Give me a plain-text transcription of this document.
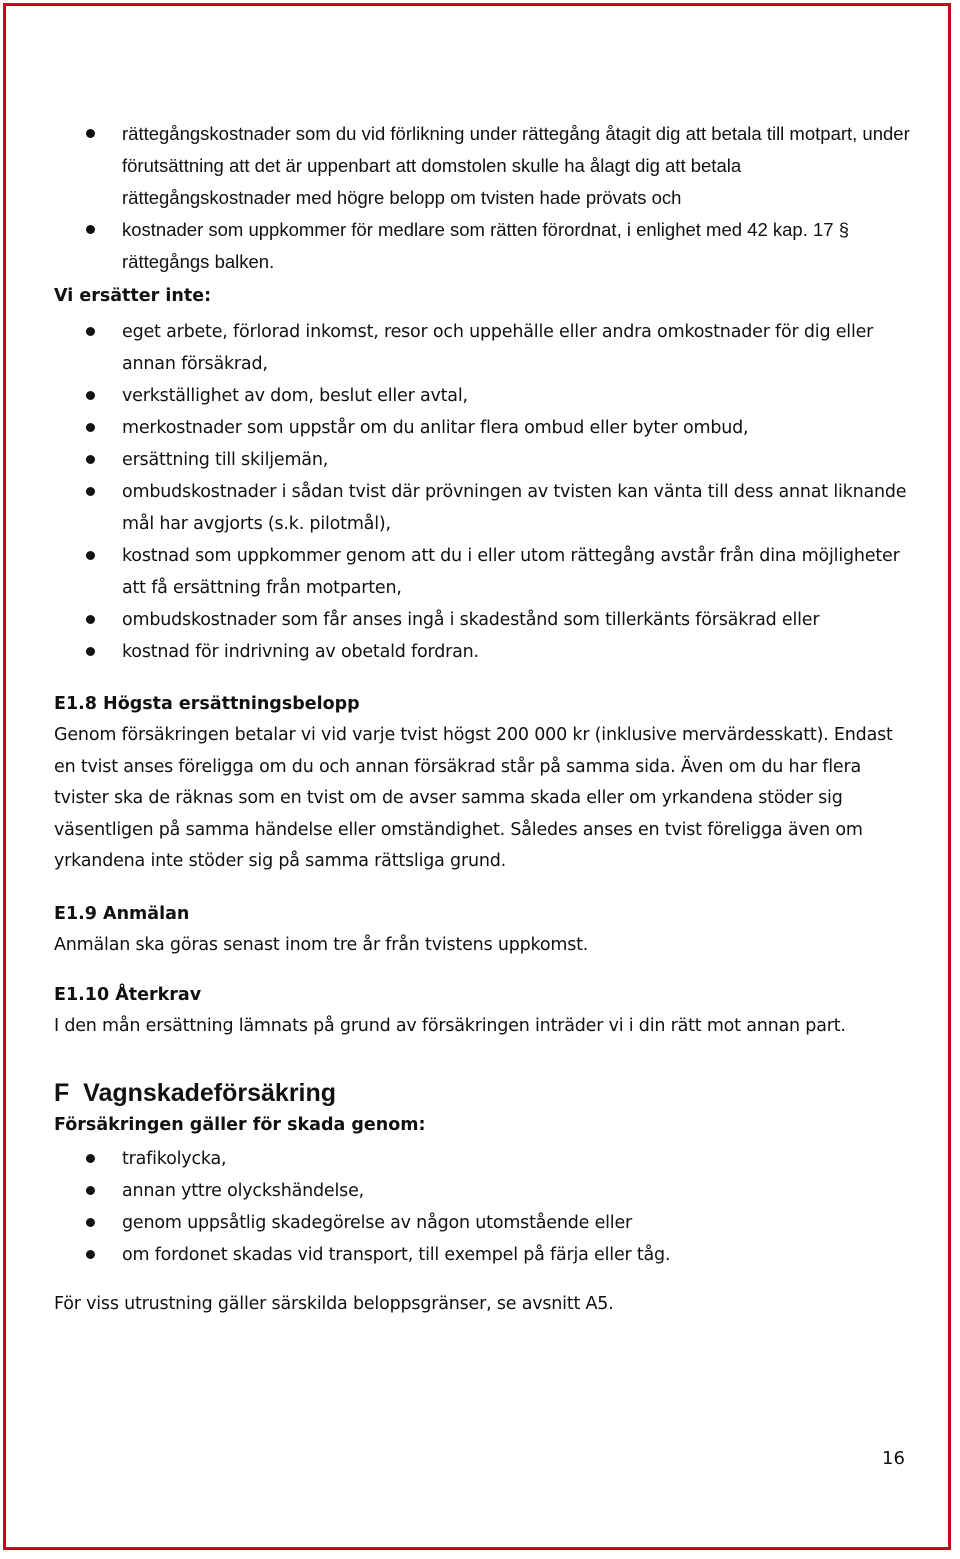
rättegångskostnader som du vid förlikning under rättegång åtagit dig att betala till motpart, under förutsättning att det är uppenbart att domstolen skulle ha ålagt dig att betala rättegångskostnader med högre belopp om tvisten hade prövats och
kostnader som uppkommer för medlare som rätten förordnat, i enlighet med 42 kap. 17 § rättegångs balken.
Vi ersätter inte:
eget arbete, förlorad inkomst, resor och uppehälle eller andra omkostnader för dig eller annan försäkrad,
verkställighet av dom, beslut eller avtal,
merkostnader som uppstår om du anlitar flera ombud eller byter ombud,
ersättning till skiljemän,
ombudskostnader i sådan tvist där prövningen av tvisten kan vänta till dess annat liknande mål har avgjorts (s.k. pilotmål),
kostnad som uppkommer genom att du i eller utom rättegång avstår från dina möjligheter att få ersättning från motparten,
ombudskostnader som får anses ingå i skadestånd som tillerkänts försäkrad eller
kostnad för indrivning av obetald fordran.
E1.8 Högsta ersättningsbelopp

Genom försäkringen betalar vi vid varje tvist högst 200 000 kr (inklusive mervärdesskatt). Endast en tvist anses föreligga om du och annan försäkrad står på samma sida. Även om du har flera tvister ska de räknas som en tvist om de avser samma skada eller om yrkandena stöder sig väsentligen på samma händelse eller omständighet. Således anses en tvist föreligga även om yrkandena inte stöder sig på samma rättsliga grund.

E1.9 Anmälan

Anmälan ska göras senast inom tre år från tvistens uppkomst.

E1.10 Återkrav

I den mån ersättning lämnats på grund av försäkringen inträder vi i din rätt mot annan part.

F  Vagnskadeförsäkring
Försäkringen gäller för skada genom:
trafikolycka,
annan yttre olyckshändelse,
genom uppsåtlig skadegörelse av någon utomstående eller
om fordonet skadas vid transport, till exempel på färja eller tåg.

För viss utrustning gäller särskilda beloppsgränser, se avsnitt A5.

16
